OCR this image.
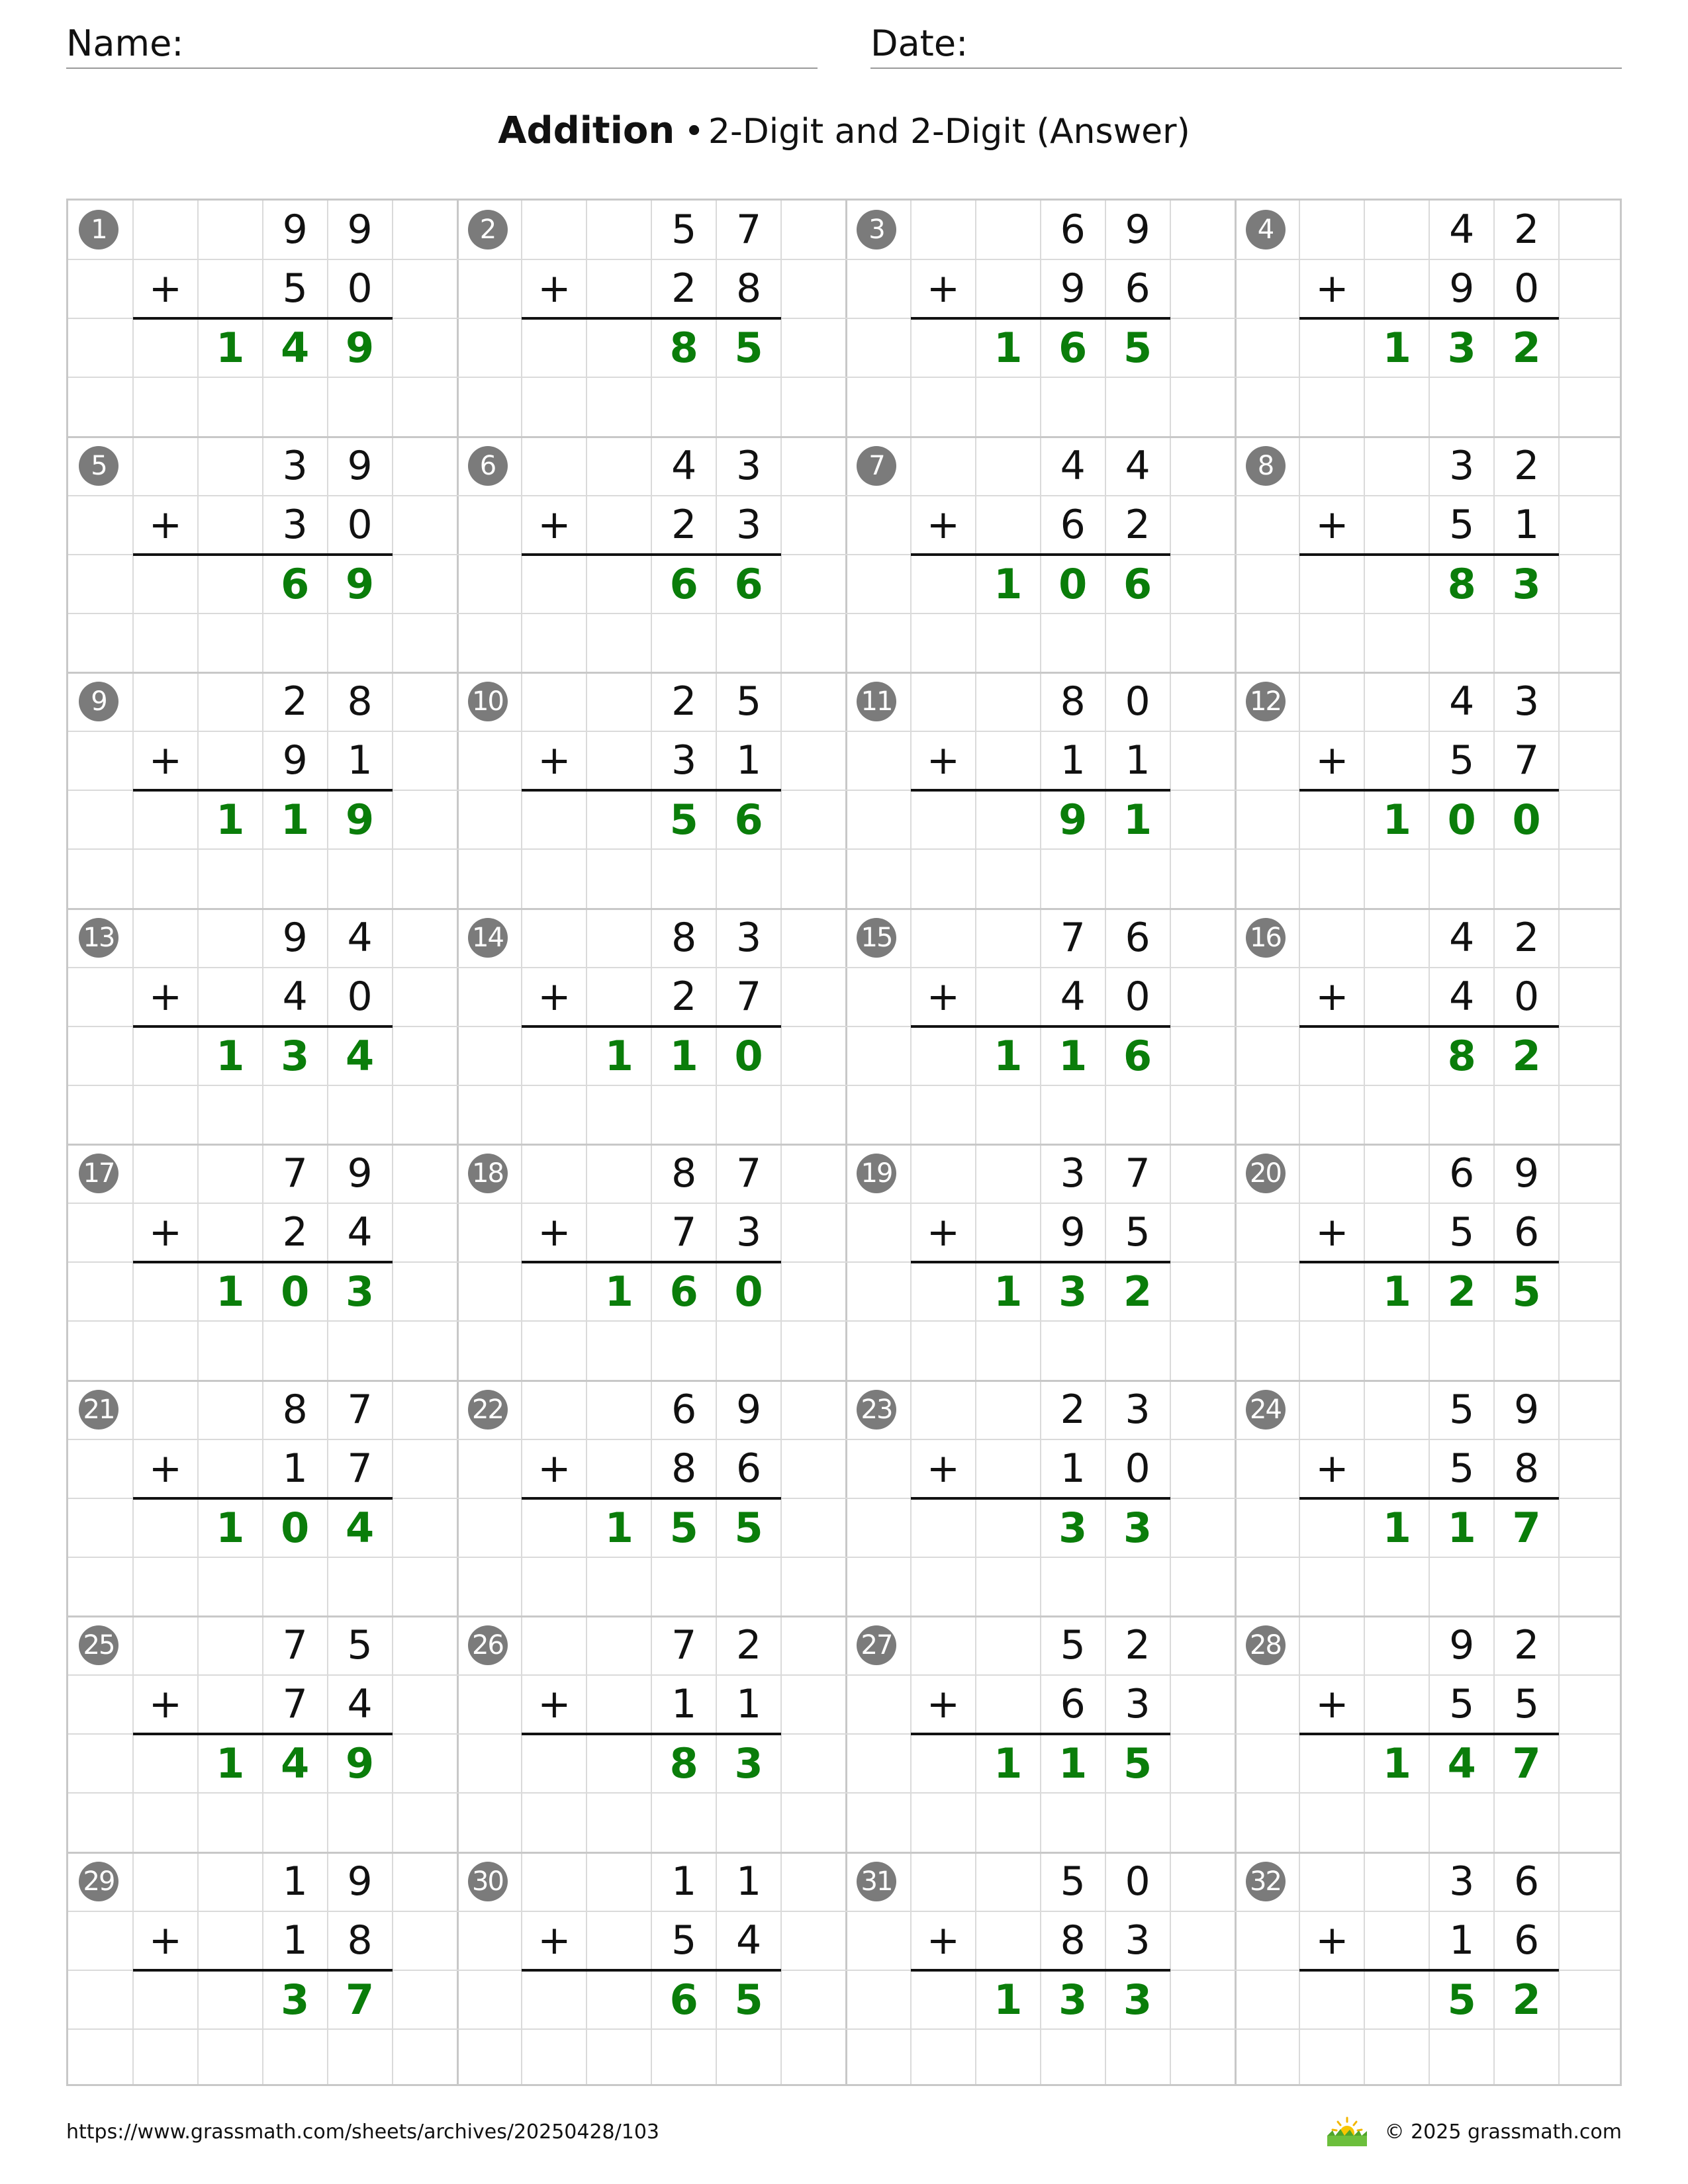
Name:	Date:
Addition • 2-Digit and 2-Digit (Answer)
1	9 9
+	5 0
1 4 9
2	5 7
+	2 8
8 5
3	6 9
+	9 6
1 6 5
4	4 2
+	9 0
1 3 2
5	3 9
+	3 0
6 9
6	4 3
+	2 3
6 6
7	4 4
+	6 2
1 0 6
8	3 2
+	5 1
8 3
9	2 8
+	9 1
1 1 9
10	2 5
+	3 1
5 6
11	8 0
+	1 1
9 1
12	4 3
+	5 7
1 0 0
13	9 4
+	4 0
1 3 4
14	8 3
+	2 7
1 1 0
15	7 6
+	4 0
1 1 6
16	4 2
+	4 0
8 2
17	7 9
+	2 4
1 0 3
18	8 7
+	7 3
1 6 0
19	3 7
+	9 5
1 3 2
20	6 9
+	5 6
1 2 5
21	8 7
+	1 7
1 0 4
22	6 9
+	8 6
1 5 5
23	2 3
+	1 0
3 3
24	5 9
+	5 8
1 1 7
25	7 5
+	7 4
1 4 9
26	7 2
+	1 1
8 3
27	5 2
+	6 3
1 1 5
28	9 2
+	5 5
1 4 7
29	1 9
+	1 8
3 7
30	1 1
+	5 4
6 5
31	5 0
+	8 3
1 3 3
32	3 6
+	1 6
5 2
https://www.grassmath.com/sheets/archives/20250428/103	© 2025 grassmath.com
